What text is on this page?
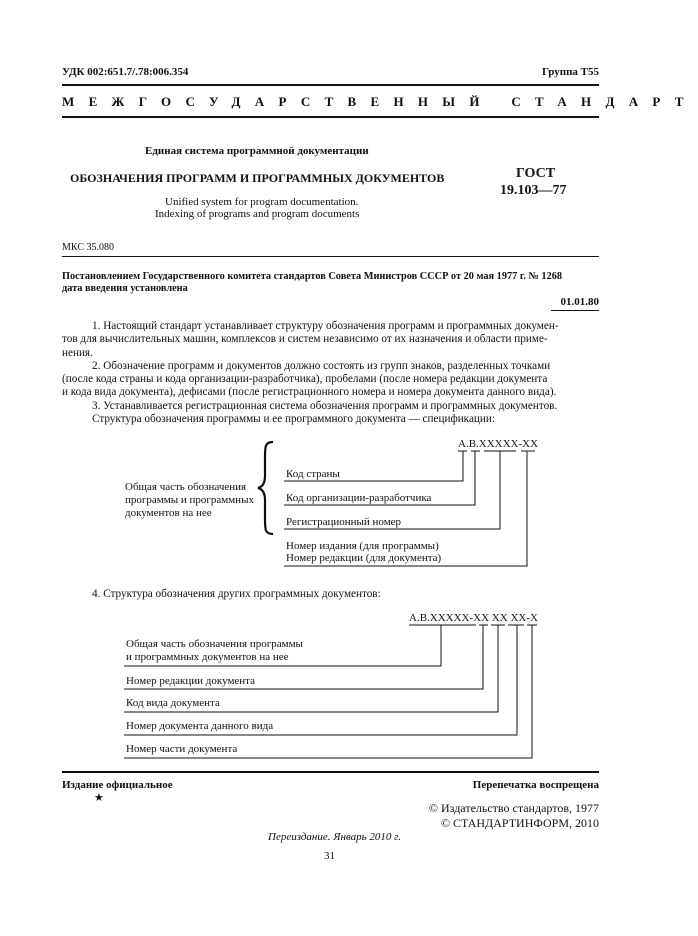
УДК 002:651.7/.78:006.354	Группа Т55
МЕЖГОСУДАРСТВЕННЫЙ СТАНДАРТ
Единая система программной документации
ОБОЗНАЧЕНИЯ ПРОГРАММ И ПРОГРАММНЫХ ДОКУМЕНТОВ
Unified system for program documentation.
Indexing of programs and program documents
ГОСТ
19.103—77
МКС 35.080
Постановлением Государственного комитета стандартов Совета Министров СССР от 20 мая 1977 г. № 1268
дата введения установлена
01.01.80
1. Настоящий стандарт устанавливает структуру обозначения программ и программных докумен-
тов для вычислительных машин, комплексов и систем независимо от их назначения и области приме-
нения.
2. Обозначение программ и документов должно состоять из групп знаков, разделенных точками
(после кода страны и кода организации-разработчика), пробелами (после номера редакции документа
и кода вида документа), дефисами (после регистрационного номера и номера документа данного вида).
3. Устанавливается регистрационная система обозначения программ и программных документов.
Структура обозначения программы и ее программного документа — спецификации:
А.В.ХХХХХ-ХХ
Общая часть обозначения
программы и программных
документов на нее
Код страны
Код организации-разработчика
Регистрационный номер
Номер издания (для программы)
Номер редакции (для документа)
4. Структура обозначения других программных документов:
А.В.ХХХХХ-ХХ ХХ ХХ-Х
Общая часть обозначения программы
и программных документов на нее
Номер редакции документа
Код вида документа
Номер документа данного вида
Номер части документа
Издание официальное
★
Перепечатка воспрещена
© Издательство стандартов, 1977
© СТАНДАРТИНФОРМ, 2010
Переиздание. Январь 2010 г.
31
